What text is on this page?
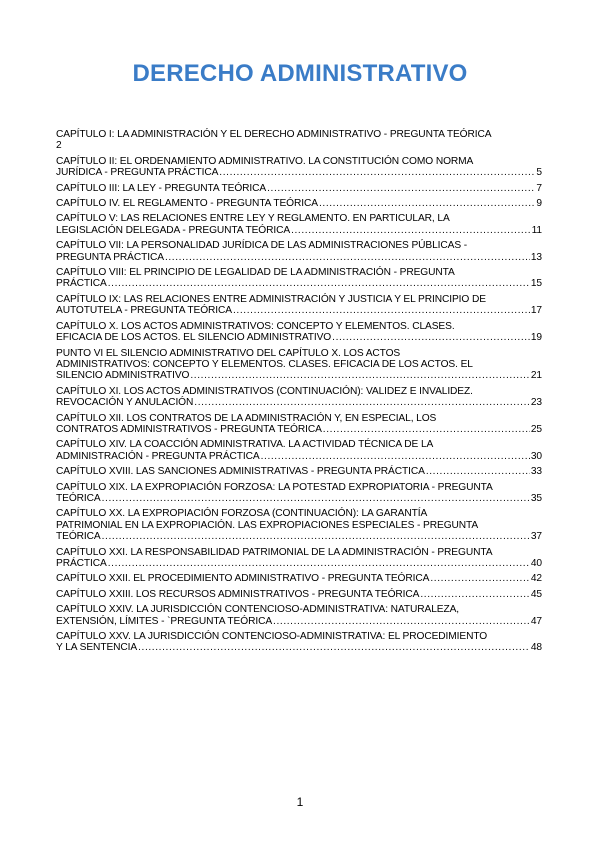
DERECHO ADMINISTRATIVO
CAPÍTULO I: LA ADMINISTRACIÓN Y EL DERECHO ADMINISTRATIVO - PREGUNTA TEÓRICA
2
CAPÍTULO II: EL ORDENAMIENTO ADMINISTRATIVO. LA CONSTITUCIÓN COMO NORMA
JURÍDICA - PREGUNTA PRÁCTICA .....	5
CAPÍTULO III: LA LEY - PREGUNTA TEÓRICA .....	7
CAPÍTULO IV. EL REGLAMENTO - PREGUNTA TEÓRICA .....	9
CAPÍTULO V: LAS RELACIONES ENTRE LEY Y REGLAMENTO. EN PARTICULAR, LA
LEGISLACIÓN DELEGADA - PREGUNTA TEÓRICA .....	11
CAPÍTULO VII: LA PERSONALIDAD JURÍDICA DE LAS ADMINISTRACIONES PÚBLICAS -
PREGUNTA PRÁCTICA .....	13
CAPÍTULO VIII: EL PRINCIPIO DE LEGALIDAD DE LA ADMINISTRACIÓN - PREGUNTA
PRÁCTICA .....	15
CAPÍTULO IX: LAS RELACIONES ENTRE ADMINISTRACIÓN Y JUSTICIA Y EL PRINCIPIO DE
AUTOTUTELA - PREGUNTA TEÓRICA .....	17
CAPÍTULO X. LOS ACTOS ADMINISTRATIVOS: CONCEPTO Y ELEMENTOS. CLASES.
EFICACIA DE LOS ACTOS. EL SILENCIO ADMINISTRATIVO .....	19
PUNTO VI EL SILENCIO ADMINISTRATIVO DEL CAPÍTULO X. LOS ACTOS
ADMINISTRATIVOS: CONCEPTO Y ELEMENTOS. CLASES. EFICACIA DE LOS ACTOS. EL
SILENCIO ADMINISTRATIVO .....	21
CAPÍTULO XI. LOS ACTOS ADMINISTRATIVOS (CONTINUACIÓN): VALIDEZ E INVALIDEZ.
REVOCACIÓN Y ANULACIÓN .....	23
CAPÍTULO XII. LOS CONTRATOS DE LA ADMINISTRACIÓN Y, EN ESPECIAL, LOS
CONTRATOS ADMINISTRATIVOS - PREGUNTA TEÓRICA .....	25
CAPÍTULO XIV. LA COACCIÓN ADMINISTRATIVA. LA ACTIVIDAD TÉCNICA DE LA
ADMINISTRACIÓN - PREGUNTA PRÁCTICA .....	30
CAPÍTULO XVIII. LAS SANCIONES ADMINISTRATIVAS - PREGUNTA PRÁCTICA .....	33
CAPÍTULO XIX. LA EXPROPIACIÓN FORZOSA: LA POTESTAD EXPROPIATORIA - PREGUNTA
TEÓRICA .....	35
CAPÍTULO XX. LA EXPROPIACIÓN FORZOSA (CONTINUACIÓN): LA GARANTÍA
PATRIMONIAL EN LA EXPROPIACIÓN. LAS EXPROPIACIONES ESPECIALES - PREGUNTA
TEÓRICA .....	37
CAPÍTULO XXI. LA RESPONSABILIDAD PATRIMONIAL DE LA ADMINISTRACIÓN - PREGUNTA
PRÁCTICA .....	40
CAPÍTULO XXII. EL PROCEDIMIENTO ADMINISTRATIVO - PREGUNTA TEÓRICA .....	42
CAPÍTULO XXIII. LOS RECURSOS ADMINISTRATIVOS - PREGUNTA TEÓRICA .....	45
CAPÍTULO XXIV. LA JURISDICCIÓN CONTENCIOSO-ADMINISTRATIVA: NATURALEZA,
EXTENSIÓN, LÍMITES - `PREGUNTA TEÓRICA .....	47
CAPÍTULO XXV. LA JURISDICCIÓN CONTENCIOSO-ADMINISTRATIVA: EL PROCEDIMIENTO
Y LA SENTENCIA .....	48
1
